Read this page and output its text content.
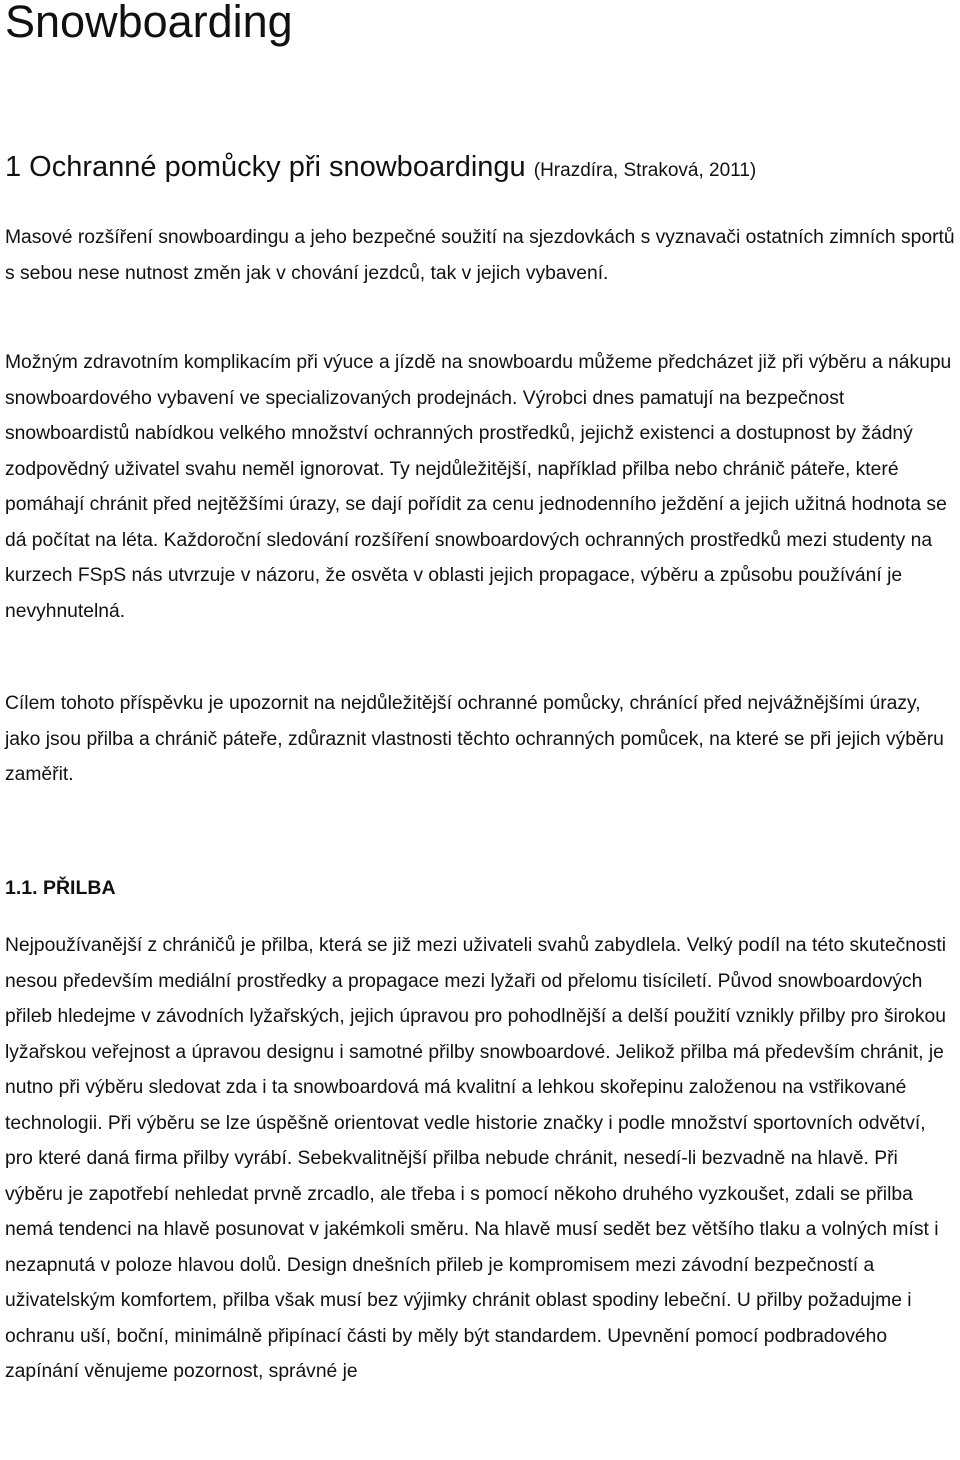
Snowboarding
1 Ochranné pomůcky při snowboardingu (Hrazdíra, Straková, 2011)

Masové rozšíření snowboardingu a jeho bezpečné soužití na sjezdovkách s vyznavači ostatních zimních sportů s sebou nese nutnost změn jak v chování jezdců, tak v jejich vybavení.

Možným zdravotním komplikacím při výuce a jízdě na snowboardu můžeme předcházet již při výběru a nákupu snowboardového vybavení ve specializovaných prodejnách. Výrobci dnes pamatují na bezpečnost snowboardistů nabídkou velkého množství ochranných prostředků, jejichž existenci a dostupnost by žádný zodpovědný uživatel svahu neměl ignorovat. Ty nejdůležitější, například přilba nebo chránič páteře, které pomáhají chránit před nejtěžšími úrazy, se dají pořídit za cenu jednodenního ježdění a jejich užitná hodnota se dá počítat na léta. Každoroční sledování rozšíření snowboardových ochranných prostředků mezi studenty na kurzech FSpS nás utvrzuje v názoru, že osvěta v oblasti jejich propagace, výběru a způsobu používání je nevyhnutelná.

Cílem tohoto příspěvku je upozornit na nejdůležitější ochranné pomůcky, chránící před nejvážnějšími úrazy, jako jsou přilba a chránič páteře, zdůraznit vlastnosti těchto ochranných pomůcek, na které se při jejich výběru zaměřit.

1.1. PŘILBA

Nejpoužívanější z chráničů je přilba, která se již mezi uživateli svahů zabydlela. Velký podíl na této skutečnosti nesou především mediální prostředky a propagace mezi lyžaři od přelomu tisíciletí. Původ snowboardových přileb hledejme v závodních lyžařských, jejich úpravou pro pohodlnější a delší použití vznikly přilby pro širokou lyžařskou veřejnost a úpravou designu i samotné přilby snowboardové. Jelikož přilba má především chránit, je nutno při výběru sledovat zda i ta snowboardová má kvalitní a lehkou skořepinu založenou na vstřikované technologii. Při výběru se lze úspěšně orientovat vedle historie značky i podle množství sportovních odvětví, pro které daná firma přilby vyrábí. Sebekvalitnější přilba nebude chránit, nesedí-li bezvadně na hlavě. Při výběru je zapotřebí nehledat prvně zrcadlo, ale třeba i s pomocí někoho druhého vyzkoušet, zdali se přilba nemá tendenci na hlavě posunovat v jakémkoli směru. Na hlavě musí sedět bez většího tlaku a volných míst i nezapnutá v poloze hlavou dolů. Design dnešních přileb je kompromisem mezi závodní bezpečností a uživatelským komfortem, přilba však musí bez výjimky chránit oblast spodiny lebeční. U přilby požadujme i ochranu uší, boční, minimálně připínací části by měly být standardem. Upevnění pomocí podbradového zapínání věnujeme pozornost, správné je
